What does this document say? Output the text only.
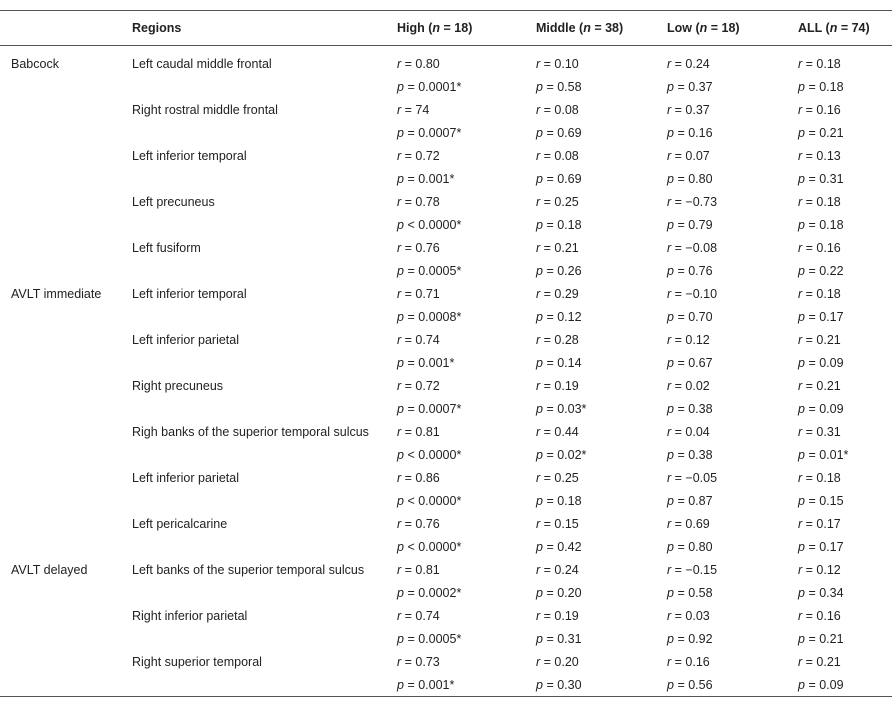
	Regions	High (n = 18)	Middle (n = 38)	Low (n = 18)	ALL (n = 74)
Babcock	Left caudal middle frontal	r = 0.80	r = 0.10	r = 0.24	r = 0.18
		p = 0.0001*	p = 0.58	p = 0.37	p = 0.18
	Right rostral middle frontal	r = 74	r = 0.08	r = 0.37	r = 0.16
		p = 0.0007*	p = 0.69	p = 0.16	p = 0.21
	Left inferior temporal	r = 0.72	r = 0.08	r = 0.07	r = 0.13
		p = 0.001*	p = 0.69	p = 0.80	p = 0.31
	Left precuneus	r = 0.78	r = 0.25	r = −0.73	r = 0.18
		p < 0.0000*	p = 0.18	p = 0.79	p = 0.18
	Left fusiform	r = 0.76	r = 0.21	r = −0.08	r = 0.16
		p = 0.0005*	p = 0.26	p = 0.76	p = 0.22
AVLT immediate	Left inferior temporal	r = 0.71	r = 0.29	r = −0.10	r = 0.18
		p = 0.0008*	p = 0.12	p = 0.70	p = 0.17
	Left inferior parietal	r = 0.74	r = 0.28	r = 0.12	r = 0.21
		p = 0.001*	p = 0.14	p = 0.67	p = 0.09
	Right precuneus	r = 0.72	r = 0.19	r = 0.02	r = 0.21
		p = 0.0007*	p = 0.03*	p = 0.38	p = 0.09
	Righ banks of the superior temporal sulcus	r = 0.81	r = 0.44	r = 0.04	r = 0.31
		p < 0.0000*	p = 0.02*	p = 0.38	p = 0.01*
	Left inferior parietal	r = 0.86	r = 0.25	r = −0.05	r = 0.18
		p < 0.0000*	p = 0.18	p = 0.87	p = 0.15
	Left pericalcarine	r = 0.76	r = 0.15	r = 0.69	r = 0.17
		p < 0.0000*	p = 0.42	p = 0.80	p = 0.17
AVLT delayed	Left banks of the superior temporal sulcus	r = 0.81	r = 0.24	r = −0.15	r = 0.12
		p = 0.0002*	p = 0.20	p = 0.58	p = 0.34
	Right inferior parietal	r = 0.74	r = 0.19	r = 0.03	r = 0.16
		p = 0.0005*	p = 0.31	p = 0.92	p = 0.21
	Right superior temporal	r = 0.73	r = 0.20	r = 0.16	r = 0.21
		p = 0.001*	p = 0.30	p = 0.56	p = 0.09
